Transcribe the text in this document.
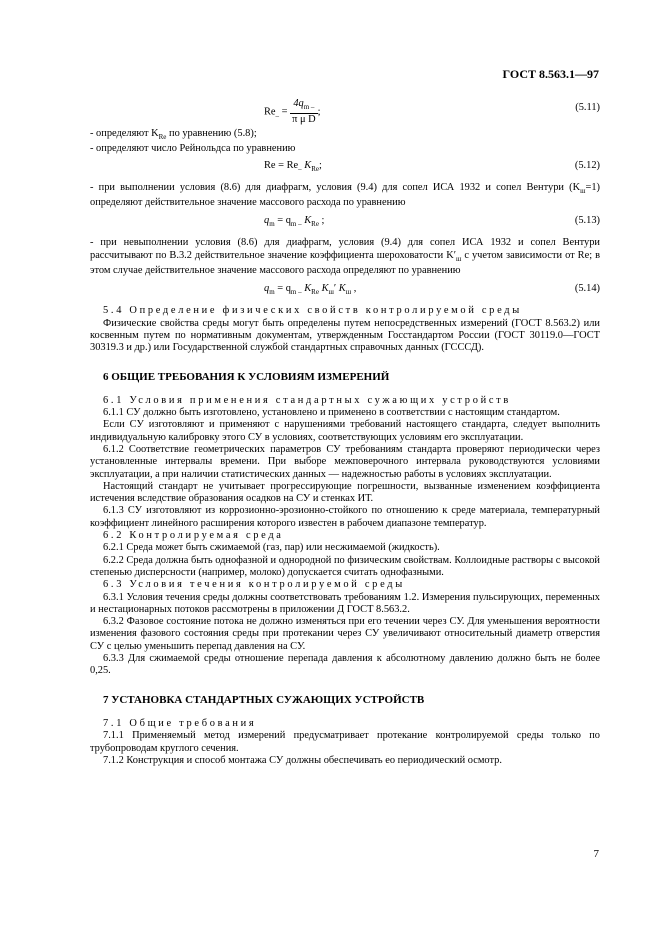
ГОСТ 8.563.1—97
$Re_- = \frac{4q_{m -}}{\text{π μ D}}$ ;	(5.11)

- определяют $K_{Re}$ по уравнению (5.8);

- определяют число Рейнольдса по уравнению

$Re = Re_-$ $K_{Re}$;	(5.12)

- при выполнении условия (8.6) для диафрагм, условия (9.4) для сопел ИСА 1932 и сопел Вентури $(K_ш=1)$ определяют действительное значение массового расхода по уравнению

$q_m = q_{m -}$ $K_{Re}$ ;	(5.13)

- при невыполнении условия (8.6) для диафрагм, условия (9.4) для сопел ИСА 1932 и сопел Вентури рассчитывают по В.3.2 действительное значение коэффициента шероховатости $K'_ш$ с учетом зависимости от Re; в этом случае действительное значение массового расхода определяют по уравнению

$q_m = q_{m -}$ $K_{Re}$ $K_ш'$ $K_ш$ ,	(5.14)

5.4 Определение физических свойств контролируемой среды

Физические свойства среды могут быть определены путем непосредственных измерений (ГОСТ 8.563.2) или косвенным путем по нормативным документам, утвержденным Госстандартом России (ГОСТ 30119.0—ГОСТ 30319.3 и др.) или Государственной службой стандартных справочных данных (ГСССД).

6 ОБЩИЕ ТРЕБОВАНИЯ К УСЛОВИЯМ ИЗМЕРЕНИЙ

6.1 Условия применения стандартных сужающих устройств

6.1.1 СУ должно быть изготовлено, установлено и применено в соответствии с настоящим стандартом.

Если СУ изготовляют и применяют с нарушениями требований настоящего стандарта, следует выполнить индивидуальную калибровку этого СУ в условиях, соответствующих условиям его эксплуатации.

6.1.2 Соответствие геометрических параметров СУ требованиям стандарта проверяют периодически через установленные интервалы времени. При выборе межповерочного интервала руководствуются условиями эксплуатации, а при наличии статистических данных — надежностью работы в условиях эксплуатации.

Настоящий стандарт не учитывает прогрессирующие погрешности, вызванные изменением коэффициента истечения вследствие образования осадков на СУ и стенках ИТ.

6.1.3 СУ изготовляют из коррозионно-эрозионно-стойкого по отношению к среде материала, температурный коэффициент линейного расширения которого известен в рабочем диапазоне температур.

6.2 Контролируемая среда

6.2.1 Среда может быть сжимаемой (газ, пар) или несжимаемой (жидкость).

6.2.2 Среда должна быть однофазной и однородной по физическим свойствам. Коллоидные растворы с высокой степенью дисперсности (например, молоко) допускается считать однофазными.

6.3 Условия течения контролируемой среды

6.3.1 Условия течения среды должны соответствовать требованиям 1.2. Измерения пульсирующих, переменных и нестационарных потоков рассмотрены в приложении Д ГОСТ 8.563.2.

6.3.2 Фазовое состояние потока не должно изменяться при его течении через СУ. Для уменьшения вероятности изменения фазового состояния среды при протекании через СУ увеличивают относительный диаметр отверстия СУ с целью уменьшить перепад давления на СУ.

6.3.3 Для сжимаемой среды отношение перепада давления к абсолютному давлению должно быть не более 0,25.

7 УСТАНОВКА СТАНДАРТНЫХ СУЖАЮЩИХ УСТРОЙСТВ

7.1 Общие требования

7.1.1 Применяемый метод измерений предусматривает протекание контролируемой среды только по трубопроводам круглого сечения.

7.1.2 Конструкция и способ монтажа СУ должны обеспечивать ео периодический осмотр.

7
